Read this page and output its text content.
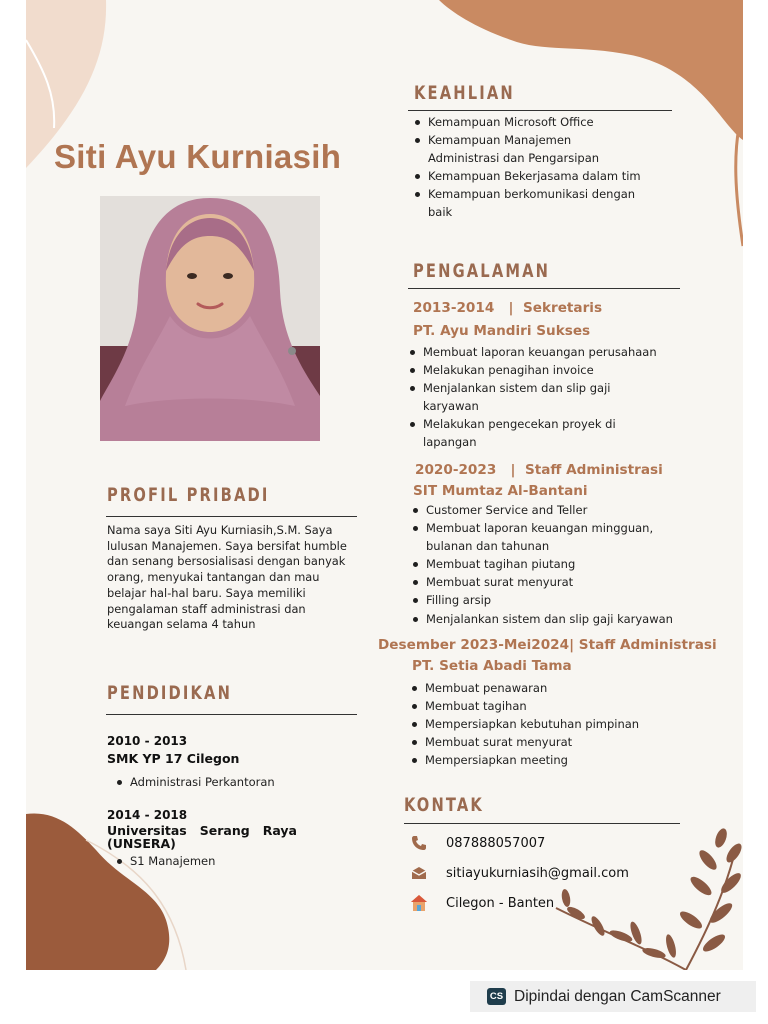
Siti Ayu Kurniasih
PROFIL PRIBADI
Nama saya Siti Ayu Kurniasih,S.M. Saya lulusan Manajemen. Saya bersifat humble dan senang bersosialisasi dengan banyak orang, menyukai tantangan dan mau belajar hal-hal baru. Saya memiliki pengalaman staff administrasi dan keuangan selama 4 tahun
PENDIDIKAN
2010 - 2013
SMK YP 17 Cilegon
Administrasi Perkantoran
2014 - 2018
Universitas   Serang   Raya (UNSERA)
S1 Manajemen
KEAHLIAN
Kemampuan Microsoft Office
Kemampuan Manajemen Administrasi dan Pengarsipan
Kemampuan Bekerjasama dalam tim
Kemampuan berkomunikasi dengan baik
PENGALAMAN
2013-2014   |  Sekretaris
PT. Ayu Mandiri Sukses
Membuat laporan keuangan perusahaan
Melakukan penagihan invoice
Menjalankan sistem dan slip gaji karyawan
Melakukan pengecekan proyek di lapangan
2020-2023   |  Staff Administrasi
SIT Mumtaz Al-Bantani
Customer Service and Teller
Membuat laporan keuangan mingguan, bulanan dan tahunan
Membuat tagihan piutang
Membuat surat menyurat
Filling arsip
Menjalankan sistem dan slip gaji karyawan
Desember 2023-Mei2024| Staff Administrasi
PT. Setia Abadi Tama
Membuat penawaran
Membuat tagihan
Mempersiapkan kebutuhan pimpinan
Membuat surat menyurat
Mempersiapkan meeting
KONTAK
087888057007
sitiayukurniasih@gmail.com
Cilegon - Banten
CS Dipindai dengan CamScanner
